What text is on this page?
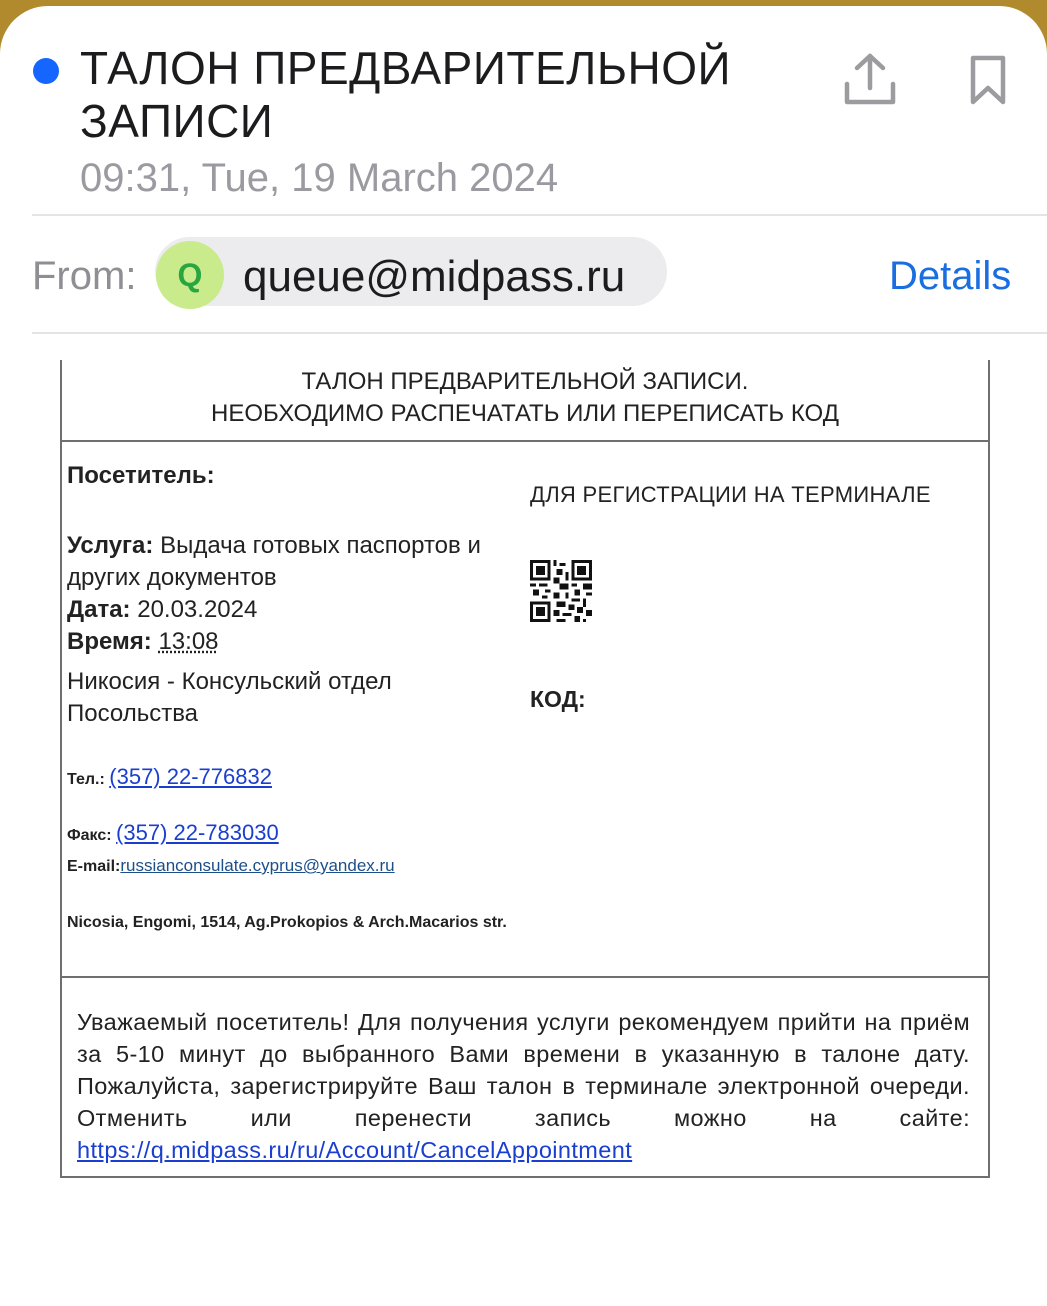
ТАЛОН ПРЕДВАРИТЕЛЬНОЙ ЗАПИСИ
09:31, Tue, 19 March 2024
From:	Q queue@midpass.ru	Details
ТАЛОН ПРЕДВАРИТЕЛЬНОЙ ЗАПИСИ.
НЕОБХОДИМО РАСПЕЧАТАТЬ ИЛИ ПЕРЕПИСАТЬ КОД
Посетитель:
Услуга: Выдача готовых паспортов и других документов
Дата: 20.03.2024
Время: 13:08
Никосия - Консульский отдел Посольства
Тел.: (357) 22-776832
Факс: (357) 22-783030
E-mail:russianconsulate.cyprus@yandex.ru
Nicosia, Engomi, 1514, Ag.Prokopios & Arch.Macarios str.
ДЛЯ РЕГИСТРАЦИИ НА ТЕРМИНАЛЕ
КОД:
Уважаемый посетитель! Для получения услуги рекомендуем прийти на приём за 5-10 минут до выбранного Вами времени в указанную в талоне дату. Пожалуйста, зарегистрируйте Ваш талон в терминале электронной очереди. Отменить или перенести запись можно на сайте: https://q.midpass.ru/ru/Account/CancelAppointment
